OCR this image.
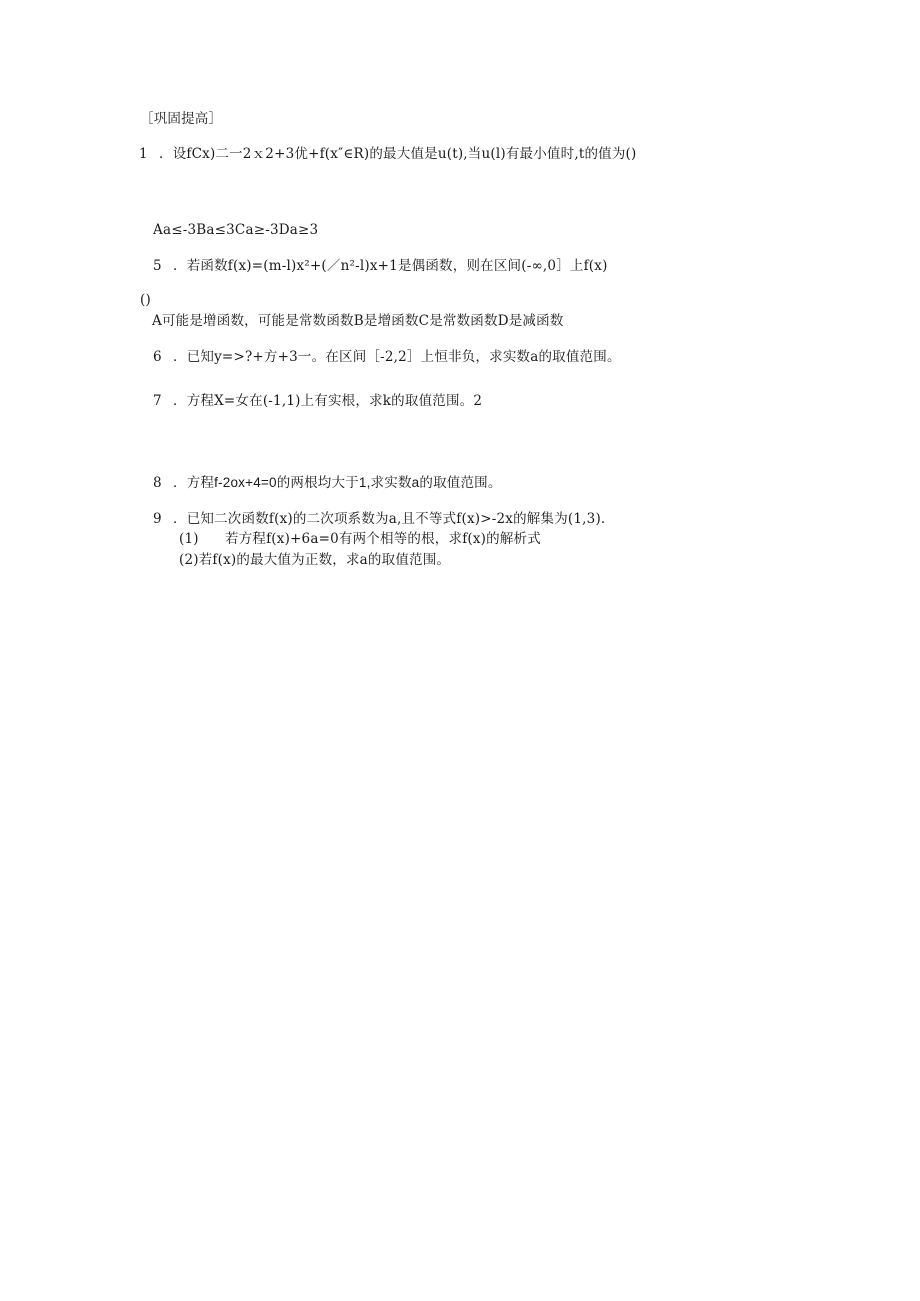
［巩固提高］
1 ．设fCx)二一2ｘ2+3优+f(x″∈R)的最大值是u(t),当u(l)有最小值时,t的值为()
Aa≤-3Ba≤3Ca≥-3Da≥3
5 ．若函数f(x)=(m-l)x²+(／n²-l)x+1是偶函数，则在区间(-∞,0］上f(x)
()
A可能是增函数，可能是常数函数B是增函数C是常数函数D是减函数
6 ．已知y=>?+方+3一。在区间［-2,2］上恒非负，求实数a的取值范围。
7 ．方程X=女在(-1,1)上有实根，求k的取值范围。2
8 ．方程f-2ox+4=0的两根均大于1,求实数a的取值范围。
9 ．已知二次函数f(x)的二次项系数为a,且不等式f(x)>-2x的解集为(1,3).
(1) 若方程f(x)+6a=0有两个相等的根，求f(x)的解析式
(2)若f(x)的最大值为正数，求a的取值范围。
